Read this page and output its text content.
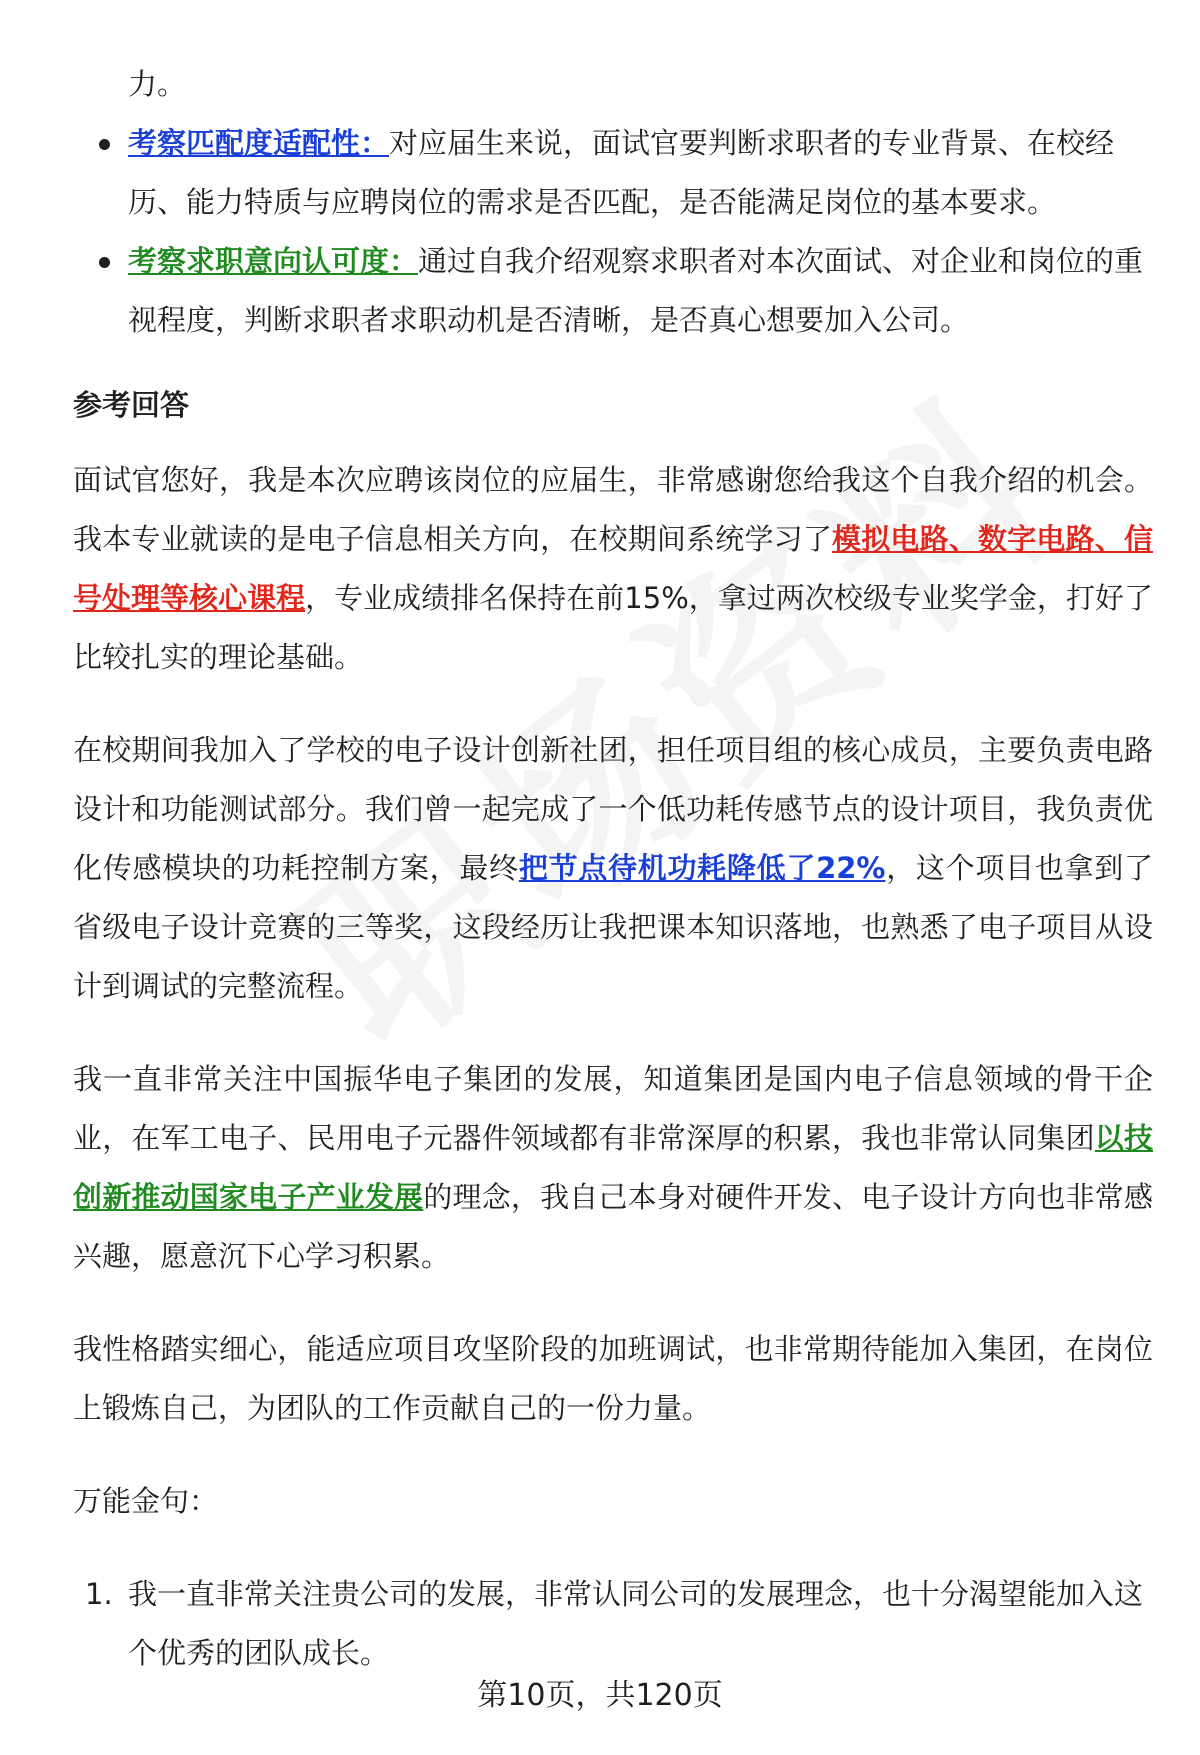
力。

考察匹配度适配性：对应届生来说，面试官要判断求职者的专业背景、在校经历、能力特质与应聘岗位的需求是否匹配，是否能满足岗位的基本要求。
考察求职意向认可度：通过自我介绍观察求职者对本次面试、对企业和岗位的重视程度，判断求职者求职动机是否清晰，是否真心想要加入公司。
参考回答

面试官您好，我是本次应聘该岗位的应届生，非常感谢您给我这个自我介绍的机会。我本专业就读的是电子信息相关方向，在校期间系统学习了模拟电路、数字电路、信号处理等核心课程，专业成绩排名保持在前15%，拿过两次校级专业奖学金，打好了比较扎实的理论基础。

在校期间我加入了学校的电子设计创新社团，担任项目组的核心成员，主要负责电路设计和功能测试部分。我们曾一起完成了一个低功耗传感节点的设计项目，我负责优化传感模块的功耗控制方案，最终把节点待机功耗降低了22%，这个项目也拿到了省级电子设计竞赛的三等奖，这段经历让我把课本知识落地，也熟悉了电子项目从设计到调试的完整流程。

我一直非常关注中国振华电子集团的发展，知道集团是国内电子信息领域的骨干企业，在军工电子、民用电子元器件领域都有非常深厚的积累，我也非常认同集团以技创新推动国家电子产业发展的理念，我自己本身对硬件开发、电子设计方向也非常感兴趣，愿意沉下心学习积累。

我性格踏实细心，能适应项目攻坚阶段的加班调试，也非常期待能加入集团，在岗位上锻炼自己，为团队的工作贡献自己的一份力量。

万能金句：

1. 我一直非常关注贵公司的发展，非常认同公司的发展理念，也十分渴望能加入这个优秀的团队成长。
第10页，共120页
